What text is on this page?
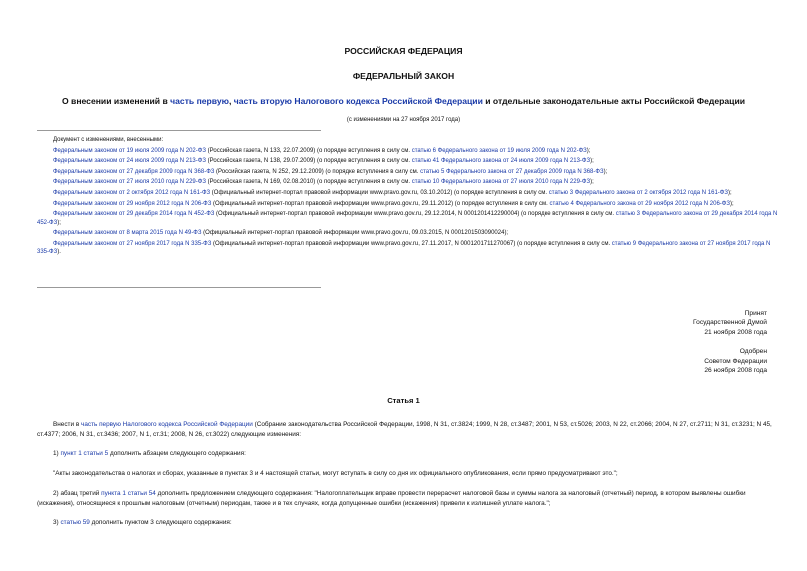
РОССИЙСКАЯ ФЕДЕРАЦИЯ
ФЕДЕРАЛЬНЫЙ ЗАКОН
О внесении изменений в часть первую, часть вторую Налогового кодекса Российской Федерации и отдельные законодательные акты Российской Федерации
(с изменениями на 27 ноября 2017 года)

Документ с изменениями, внесенными:

Федеральным законом от 19 июля 2009 года N 202-ФЗ (Российская газета, N 133, 22.07.2009) (о порядке вступления в силу см. статью 6 Федерального закона от 19 июля 2009 года N 202-ФЗ);

Федеральным законом от 24 июля 2009 года N 213-ФЗ (Российская газета, N 138, 29.07.2009) (о порядке вступления в силу см. статью 41 Федерального закона от 24 июля 2009 года N 213-ФЗ);

Федеральным законом от 27 декабря 2009 года N 368-ФЗ (Российская газета, N 252, 29.12.2009) (о порядке вступления в силу см. статью 5 Федерального закона от 27 декабря 2009 года N 368-ФЗ);

Федеральным законом от 27 июля 2010 года N 229-ФЗ (Российская газета, N 169, 02.08.2010) (о порядке вступления в силу см. статью 10 Федерального закона от 27 июля 2010 года N 229-ФЗ);

Федеральным законом от 2 октября 2012 года N 161-ФЗ (Официальный интернет-портал правовой информации www.pravo.gov.ru, 03.10.2012) (о порядке вступления в силу см. статью 3 Федерального закона от 2 октября 2012 года N 161-ФЗ);

Федеральным законом от 29 ноября 2012 года N 206-ФЗ (Официальный интернет-портал правовой информации www.pravo.gov.ru, 29.11.2012) (о порядке вступления в силу см. статью 4 Федерального закона от 29 ноября 2012 года N 206-ФЗ);

Федеральным законом от 29 декабря 2014 года N 452-ФЗ (Официальный интернет-портал правовой информации www.pravo.gov.ru, 29.12.2014, N 0001201412290004) (о порядке вступления в силу см. статью 3 Федерального закона от 29 декабря 2014 года N 452-ФЗ);

Федеральным законом от 8 марта 2015 года N 49-ФЗ (Официальный интернет-портал правовой информации www.pravo.gov.ru, 09.03.2015, N 0001201503090024);

Федеральным законом от 27 ноября 2017 года N 335-ФЗ (Официальный интернет-портал правовой информации www.pravo.gov.ru, 27.11.2017, N 0001201711270067) (о порядке вступления в силу см. статью 9 Федерального закона от 27 ноября 2017 года N 335-ФЗ).

Принят
Государственной Думой
21 ноября 2008 года
Одобрен
Советом Федерации
26 ноября 2008 года
Статья 1

Внести в часть первую Налогового кодекса Российской Федерации (Собрание законодательства Российской Федерации, 1998, N 31, ст.3824; 1999, N 28, ст.3487; 2001, N 53, ст.5026; 2003, N 22, ст.2066; 2004, N 27, ст.2711; N 31, ст.3231; N 45, ст.4377; 2006, N 31, ст.3436; 2007, N 1, ст.31; 2008, N 26, ст.3022) следующие изменения:

1) пункт 1 статьи 5 дополнить абзацем следующего содержания:

"Акты законодательства о налогах и сборах, указанные в пунктах 3 и 4 настоящей статьи, могут вступать в силу со дня их официального опубликования, если прямо предусматривают это.";

2) абзац третий пункта 1 статьи 54 дополнить предложением следующего содержания: "Налогоплательщик вправе провести перерасчет налоговой базы и суммы налога за налоговый (отчетный) период, в котором выявлены ошибки (искажения), относящиеся к прошлым налоговым (отчетным) периодам, также и в тех случаях, когда допущенные ошибки (искажения) привели к излишней уплате налога.";

3) статью 59 дополнить пунктом 3 следующего содержания:
